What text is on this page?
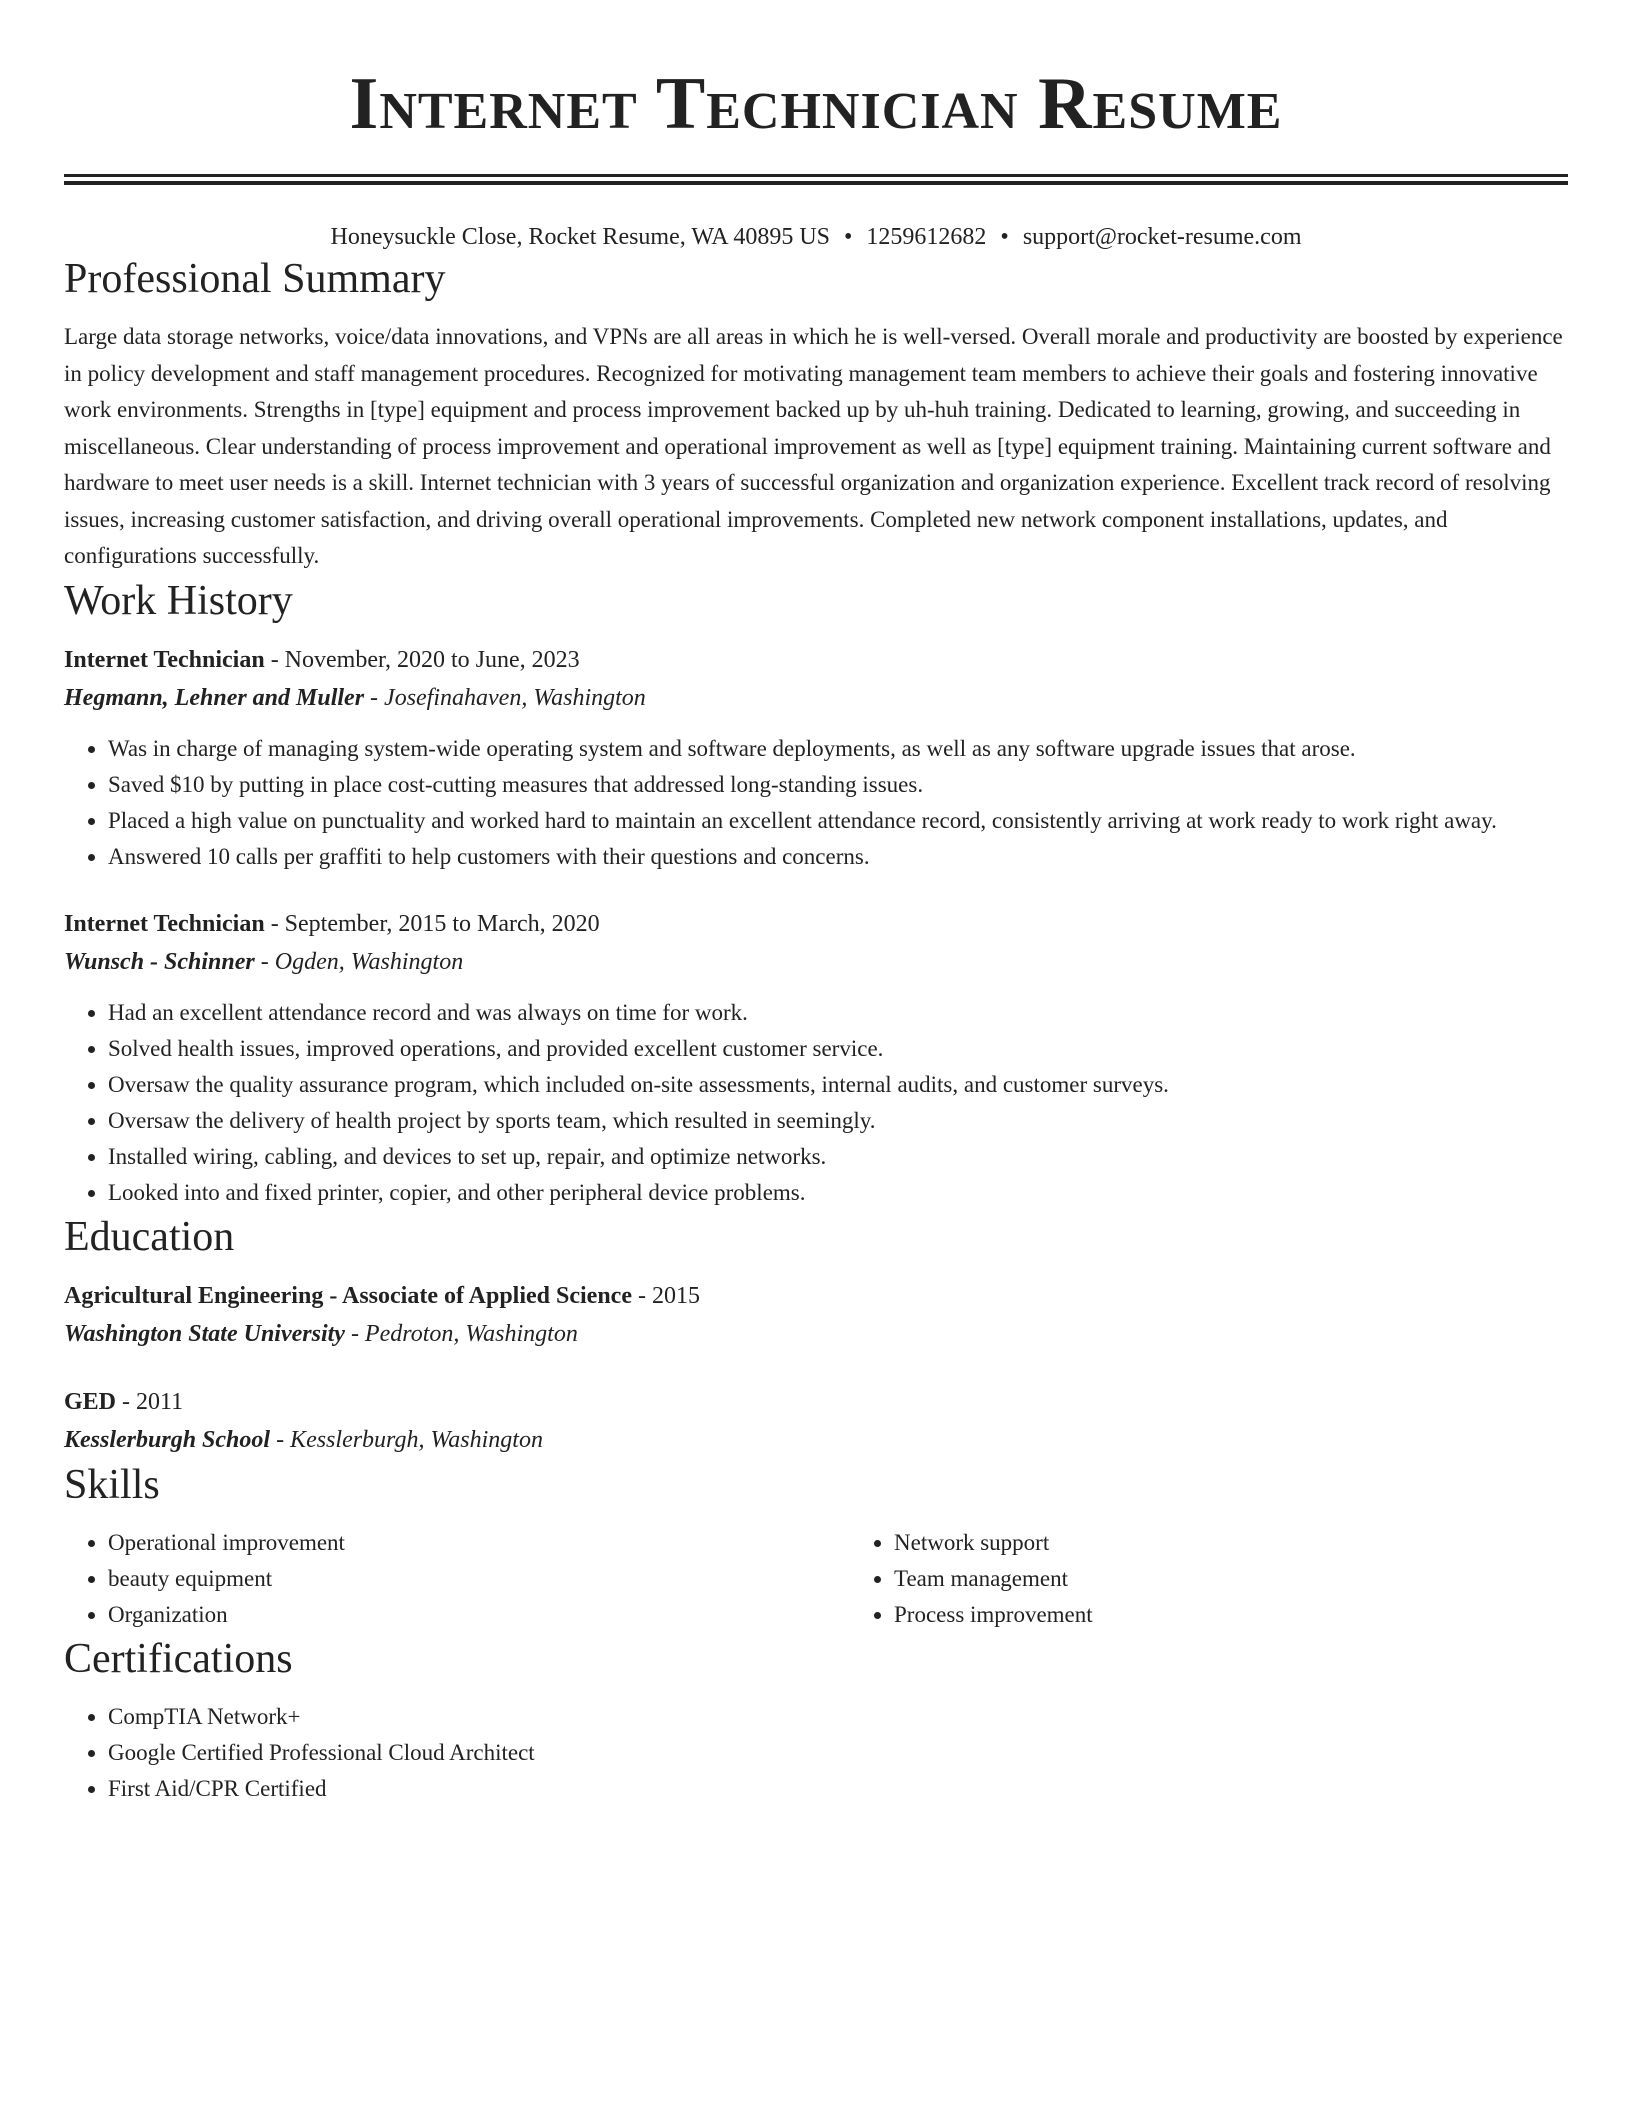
Internet Technician Resume
Honeysuckle Close, Rocket Resume, WA 40895 US • 1259612682 • support@rocket-resume.com
Professional Summary

Large data storage networks, voice/data innovations, and VPNs are all areas in which he is well-versed. Overall morale and productivity are boosted by experience in policy development and staff management procedures. Recognized for motivating management team members to achieve their goals and fostering innovative work environments. Strengths in [type] equipment and process improvement backed up by uh-huh training. Dedicated to learning, growing, and succeeding in miscellaneous. Clear understanding of process improvement and operational improvement as well as [type] equipment training. Maintaining current software and hardware to meet user needs is a skill. Internet technician with 3 years of successful organization and organization experience. Excellent track record of resolving issues, increasing customer satisfaction, and driving overall operational improvements. Completed new network component installations, updates, and configurations successfully.

Work History
Internet Technician - November, 2020 to June, 2023
Hegmann, Lehner and Muller - Josefinahaven, Washington
• Was in charge of managing system-wide operating system and software deployments, as well as any software upgrade issues that arose.
• Saved $10 by putting in place cost-cutting measures that addressed long-standing issues.
• Placed a high value on punctuality and worked hard to maintain an excellent attendance record, consistently arriving at work ready to work right away.
• Answered 10 calls per graffiti to help customers with their questions and concerns.
Internet Technician - September, 2015 to March, 2020
Wunsch - Schinner - Ogden, Washington
• Had an excellent attendance record and was always on time for work.
• Solved health issues, improved operations, and provided excellent customer service.
• Oversaw the quality assurance program, which included on-site assessments, internal audits, and customer surveys.
• Oversaw the delivery of health project by sports team, which resulted in seemingly.
• Installed wiring, cabling, and devices to set up, repair, and optimize networks.
• Looked into and fixed printer, copier, and other peripheral device problems.
Education
Agricultural Engineering - Associate of Applied Science - 2015
Washington State University - Pedroton, Washington
GED - 2011
Kesslerburgh School - Kesslerburgh, Washington
Skills
• Operational improvement
• beauty equipment
• Organization
• Network support
• Team management
• Process improvement
Certifications
• CompTIA Network+
• Google Certified Professional Cloud Architect
• First Aid/CPR Certified
